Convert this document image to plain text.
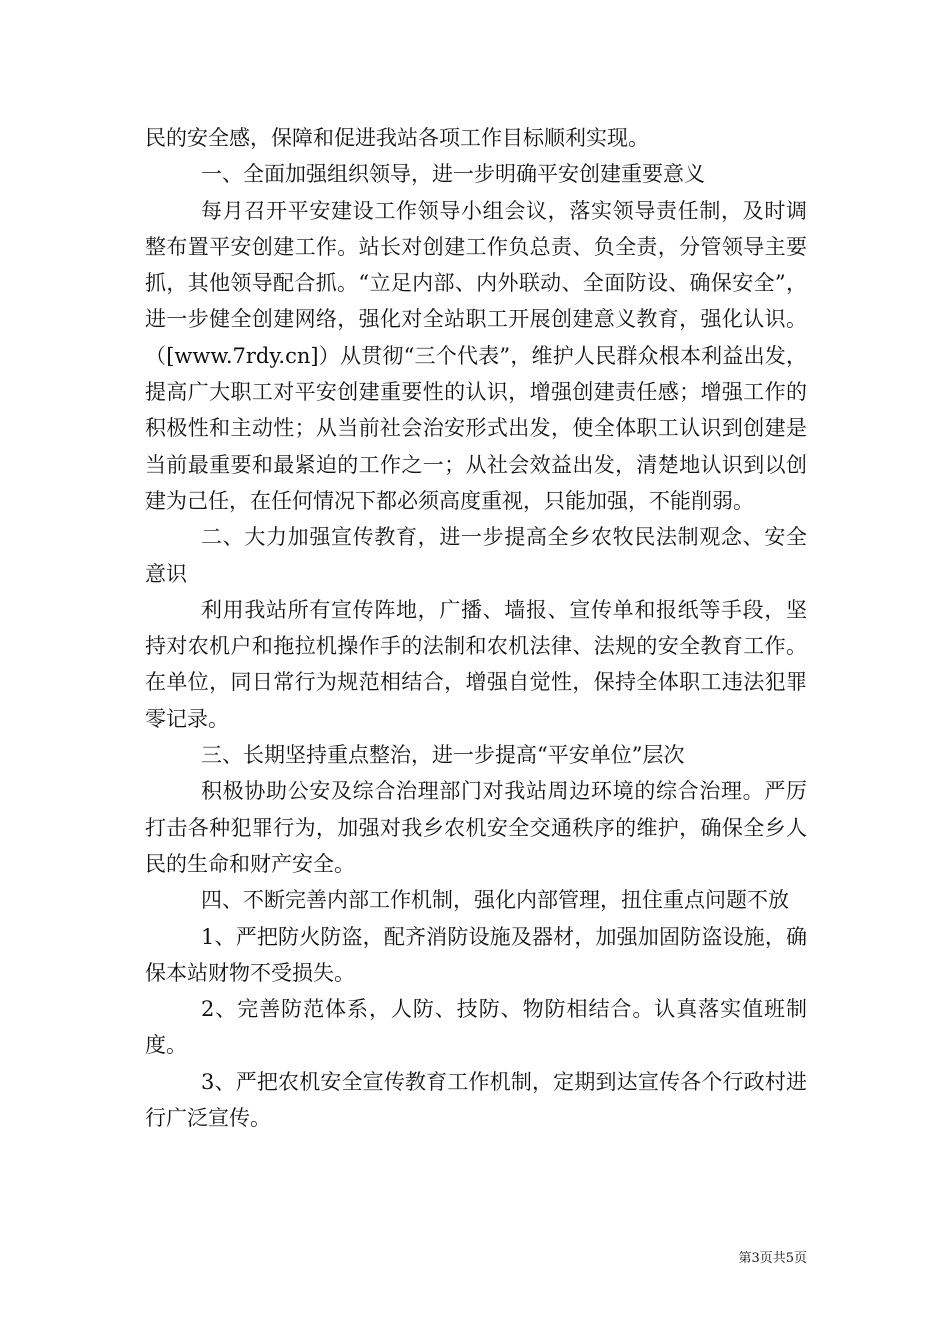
民的安全感，保障和促进我站各项工作目标顺利实现。

一、全面加强组织领导，进一步明确平安创建重要意义

每月召开平安建设工作领导小组会议，落实领导责任制，及时调整布置平安创建工作。站长对创建工作负总责、负全责，分管领导主要抓，其他领导配合抓。“立足内部、内外联动、全面防设、确保安全”，进一步健全创建网络，强化对全站职工开展创建意义教育，强化认识。（[www.7rdy.cn]）从贯彻“三个代表”，维护人民群众根本利益出发，提高广大职工对平安创建重要性的认识，增强创建责任感；增强工作的积极性和主动性；从当前社会治安形式出发，使全体职工认识到创建是当前最重要和最紧迫的工作之一；从社会效益出发，清楚地认识到以创建为己任，在任何情况下都必须高度重视，只能加强，不能削弱。

二、大力加强宣传教育，进一步提高全乡农牧民法制观念、安全意识

利用我站所有宣传阵地，广播、墙报、宣传单和报纸等手段，坚持对农机户和拖拉机操作手的法制和农机法律、法规的安全教育工作。在单位，同日常行为规范相结合，增强自觉性，保持全体职工违法犯罪零记录。

三、长期坚持重点整治，进一步提高“平安单位”层次

积极协助公安及综合治理部门对我站周边环境的综合治理。严厉打击各种犯罪行为，加强对我乡农机安全交通秩序的维护，确保全乡人民的生命和财产安全。

四、不断完善内部工作机制，强化内部管理，扭住重点问题不放

1、严把防火防盗，配齐消防设施及器材，加强加固防盗设施，确保本站财物不受损失。

2、完善防范体系，人防、技防、物防相结合。认真落实值班制度。

3、严把农机安全宣传教育工作机制，定期到达宣传各个行政村进行广泛宣传。

第3页共5页
